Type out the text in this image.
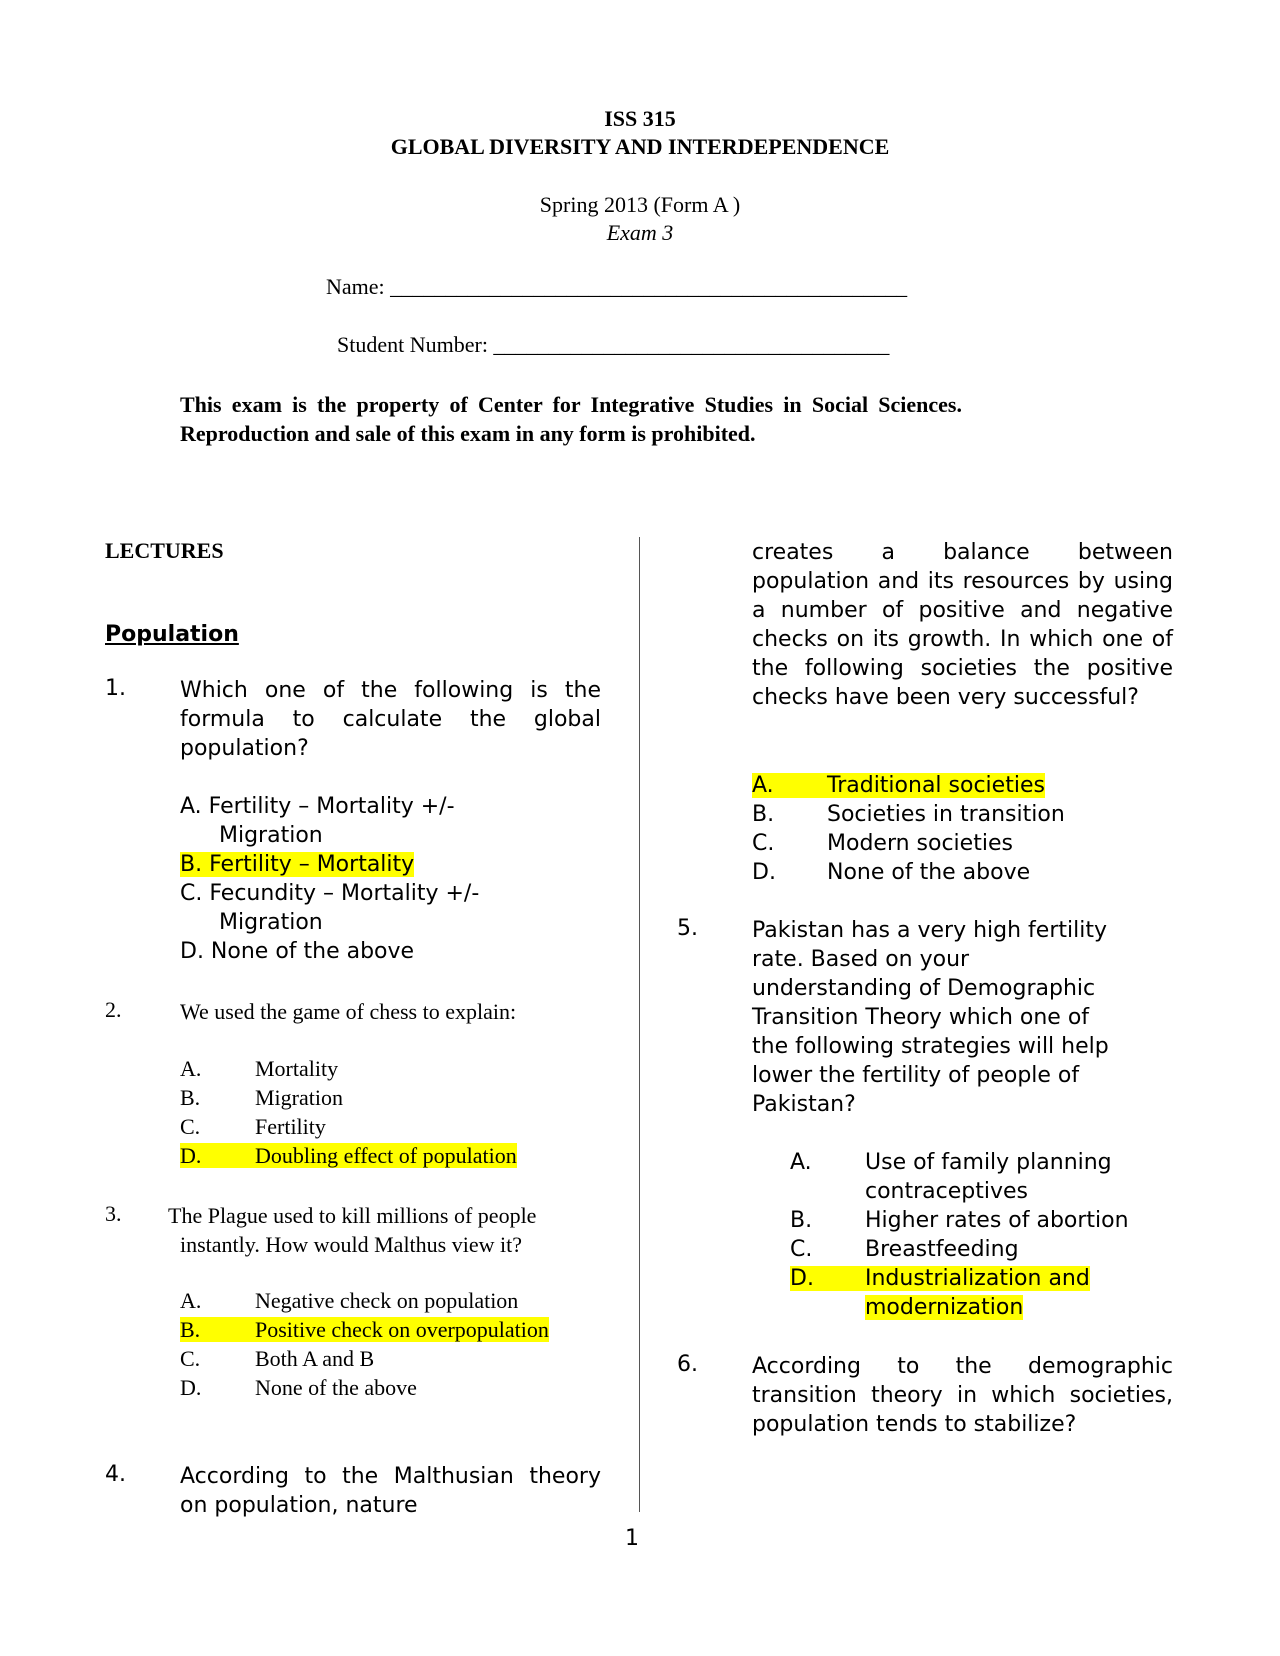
ISS 315
GLOBAL DIVERSITY AND INTERDEPENDENCE
Spring 2013 (Form A )
Exam 3
Name: _______________________________________________
Student Number: ____________________________________
This exam is the property of Center for Integrative Studies in Social Sciences. Reproduction and sale of this exam in any form is prohibited.
LECTURES
Population
1. Which one of the following is the formula to calculate the global population?
A. Fertility – Mortality +/-
Migration
B. Fertility – Mortality
C. Fecundity – Mortality +/-
Migration
D. None of the above
2.	We used the game of chess to explain:
A. Mortality
B. Migration
C. Fertility
D. Doubling effect of population
3. The Plague used to kill millions of people
instantly. How would Malthus view it?
A. Negative check on population
B. Positive check on overpopulation
C. Both A and B
D. None of the above
4. According to the Malthusian theory on population, nature
1
creates a balance between population and its resources by using a number of positive and negative checks on its growth. In which one of the following societies the positive checks have been very successful?
A. Traditional societies
B. Societies in transition
C. Modern societies
D. None of the above
5. Pakistan has a very high fertility
rate. Based on your
understanding of Demographic
Transition Theory which one of
the following strategies will help
lower the fertility of people of
Pakistan?
A. Use of family planning
contraceptives
B. Higher rates of abortion
C. Breastfeeding
D. Industrialization and
modernization
6. According to the demographic transition theory in which societies, population tends to stabilize?
